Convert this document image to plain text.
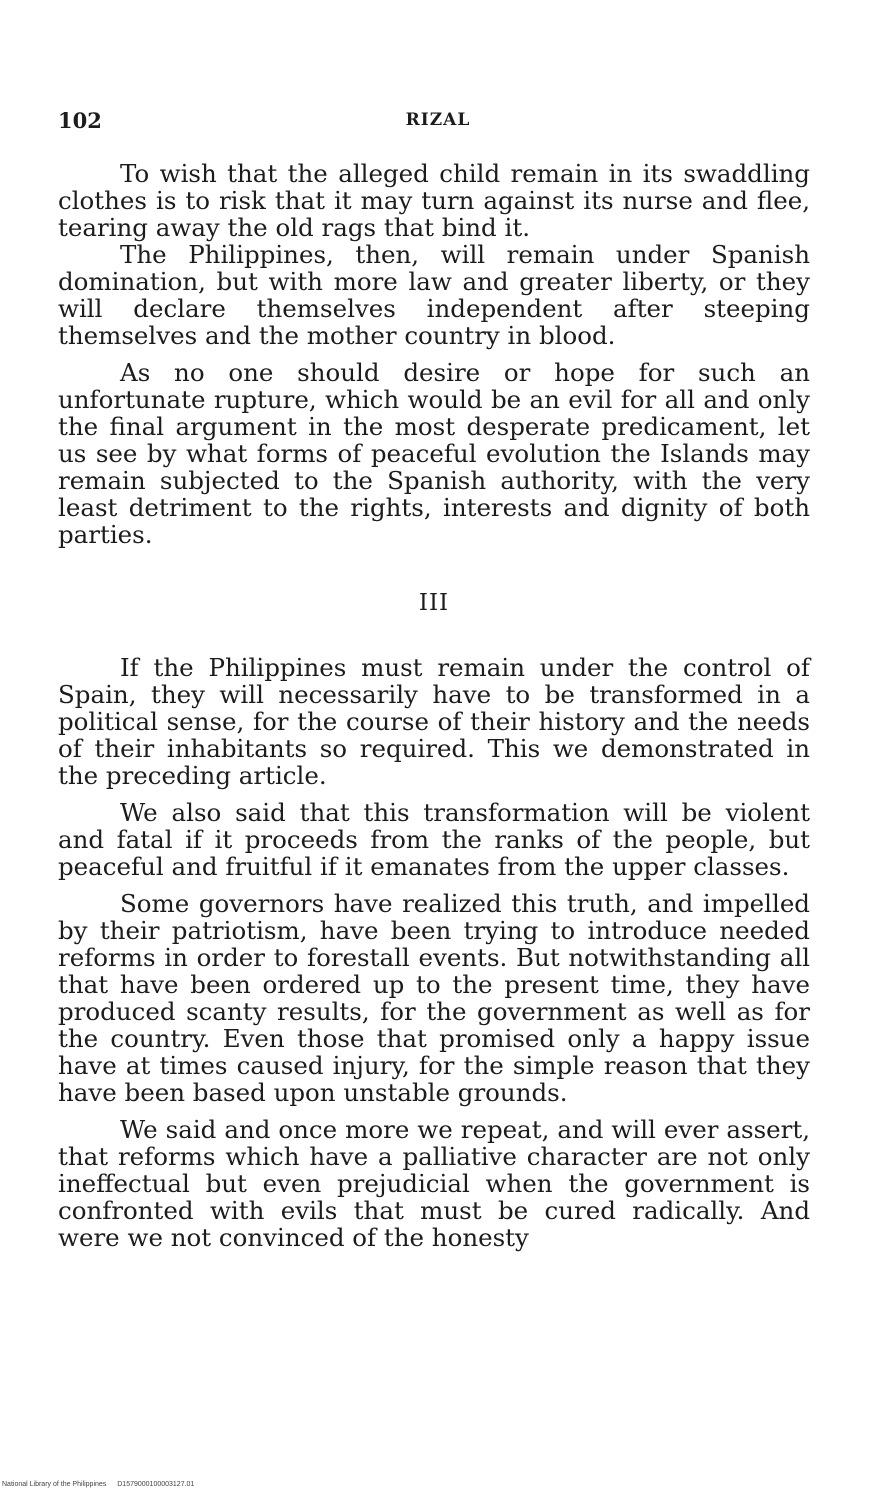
102	RIZAL

To wish that the alleged child remain in its swaddling clothes is to risk that it may turn against its nurse and flee, tearing away the old rags that bind it.

The Philippines, then, will remain under Spanish domination, but with more law and greater liberty, or they will declare themselves independent after steeping themselves and the mother country in blood.

As no one should desire or hope for such an unfortunate rupture, which would be an evil for all and only the final argument in the most desperate predicament, let us see by what forms of peaceful evolution the Islands may remain subjected to the Spanish authority, with the very least detriment to the rights, interests and dignity of both parties.

III

If the Philippines must remain under the control of Spain, they will necessarily have to be transformed in a political sense, for the course of their history and the needs of their inhabitants so required. This we demonstrated in the preceding article.

We also said that this transformation will be violent and fatal if it proceeds from the ranks of the people, but peaceful and fruitful if it emanates from the upper classes.

Some governors have realized this truth, and impelled by their patriotism, have been trying to introduce needed reforms in order to forestall events. But notwithstanding all that have been ordered up to the present time, they have produced scanty results, for the government as well as for the country. Even those that promised only a happy issue have at times caused injury, for the simple reason that they have been based upon unstable grounds.

We said and once more we repeat, and will ever assert, that reforms which have a palliative character are not only ineffectual but even prejudicial when the government is confronted with evils that must be cured radically. And were we not convinced of the honesty

National Library of the Philippines D1579000100003127.01
